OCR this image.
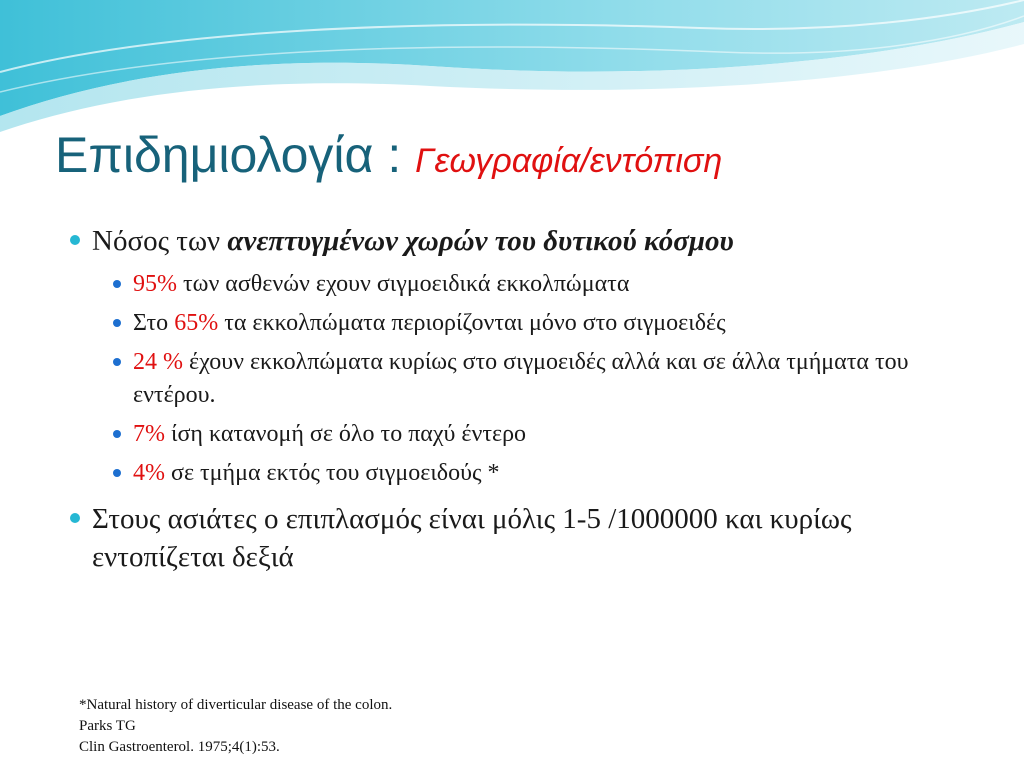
Επιδημιολογία : Γεωγραφία/εντόπιση
Νόσος των ανεπτυγμένων χωρών του δυτικού κόσμου
95% των ασθενών εχουν σιγμοειδικά εκκολπώματα
Στο 65% τα εκκολπώματα περιορίζονται μόνο στο σιγμοειδές
24 % έχουν εκκολπώματα κυρίως στο σιγμοειδές αλλά και σε άλλα τμήματα του εντέρου.
7% ίση κατανομή σε όλο το παχύ έντερο
4% σε τμήμα εκτός του σιγμοειδούς *
Στους ασιάτες ο επιπλασμός είναι μόλις 1-5 /1000000 και κυρίως εντοπίζεται δεξιά
*Natural history of diverticular disease of the colon.
Parks TG
Clin Gastroenterol. 1975;4(1):53.
